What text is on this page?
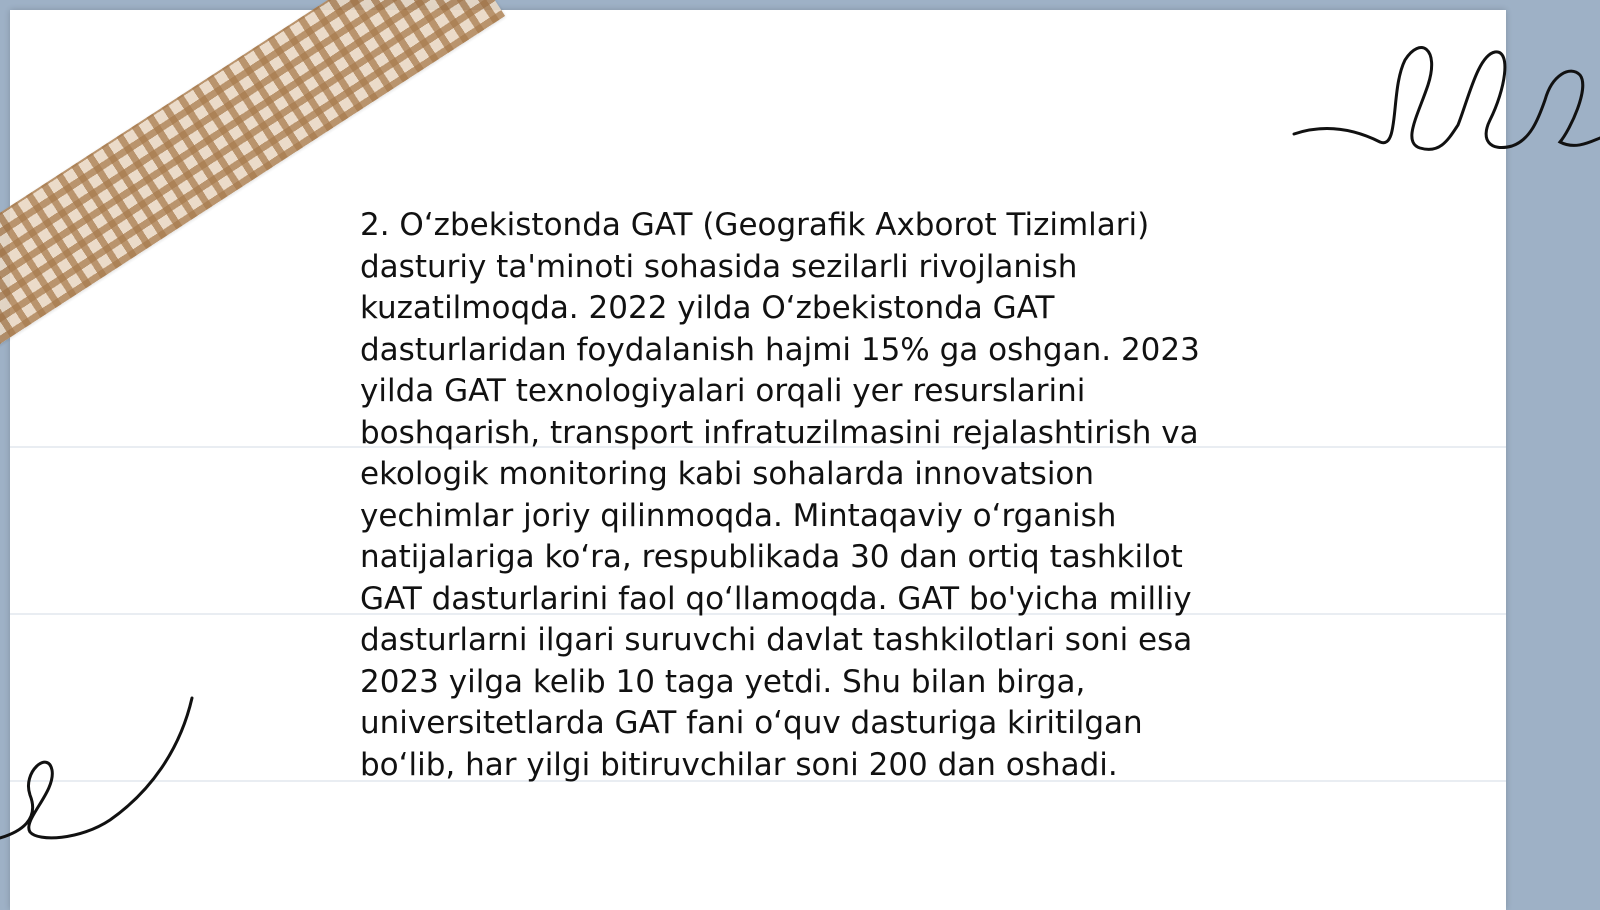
2. O‘zbekistonda GAT (Geografik Axborot Tizimlari)
dasturiy ta'minoti sohasida sezilarli rivojlanish
kuzatilmoqda. 2022 yilda O‘zbekistonda GAT
dasturlaridan foydalanish hajmi 15% ga oshgan. 2023
yilda GAT texnologiyalari orqali yer resurslarini
boshqarish, transport infratuzilmasini rejalashtirish va
ekologik monitoring kabi sohalarda innovatsion
yechimlar joriy qilinmoqda. Mintaqaviy o‘rganish
natijalariga ko‘ra, respublikada 30 dan ortiq tashkilot
GAT dasturlarini faol qo‘llamoqda. GAT bo'yicha milliy
dasturlarni ilgari suruvchi davlat tashkilotlari soni esa
2023 yilga kelib 10 taga yetdi. Shu bilan birga,
universitetlarda GAT fani o‘quv dasturiga kiritilgan
bo‘lib, har yilgi bitiruvchilar soni 200 dan oshadi.
